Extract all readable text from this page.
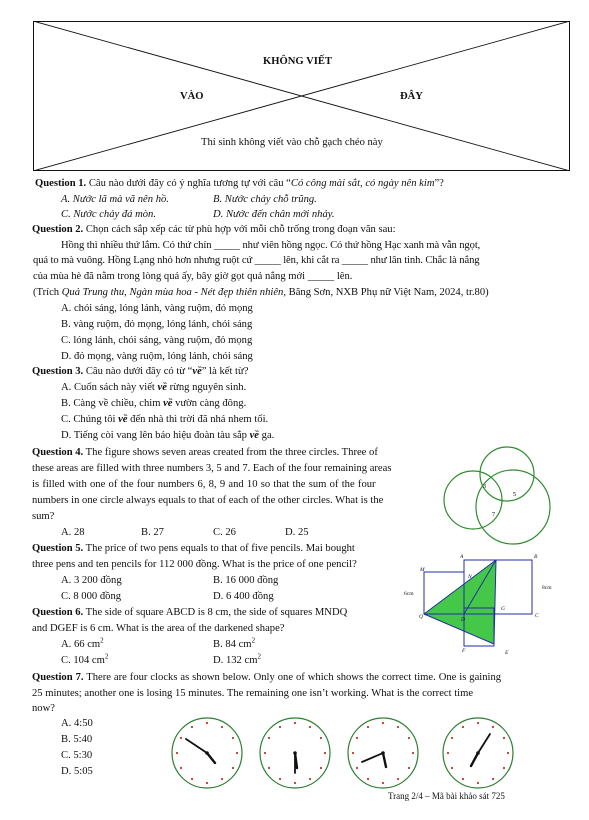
KHÔNG VIẾT
VÀO	ĐÂY
Thí sinh không viết vào chỗ gạch chéo này
Question 1. Câu nào dưới đây có ý nghĩa tương tự với câu “Có công mài sắt, có ngày nên kim”?
A. Nước lã mà vã nên hồ.	B. Nước chảy chỗ trũng.
C. Nước chảy đá mòn.	D. Nước đến chân mới nhảy.
Question 2. Chọn cách sắp xếp các từ phù hợp với mỗi chỗ trống trong đoạn văn sau:
Hồng thì nhiều thứ lắm. Có thứ chín _____ như viên hồng ngọc. Có thứ hồng Hạc xanh mà vẫn ngọt,
quả to mà vuông. Hồng Lạng nhỏ hơn nhưng ruột cứ _____ lên, khi cắt ra _____ như lân tinh. Chắc là nắng
của mùa hè đã nằm trong lòng quả ấy, bây giờ gọt quả nắng mới _____ lên.
(Trích Quả Trung thu, Ngàn mùa hoa - Nét đẹp thiên nhiên, Băng Sơn, NXB Phụ nữ Việt Nam, 2024, tr.80)
A. chói sáng, lóng lánh, vàng ruộm, đỏ mọng
B. vàng ruộm, đỏ mọng, lóng lánh, chói sáng
C. lóng lánh, chói sáng, vàng ruộm, đỏ mọng
D. đỏ mọng, vàng ruộm, lóng lánh, chói sáng
Question 3. Câu nào dưới đây có từ “về” là kết từ?
A. Cuốn sách này viết về rừng nguyên sinh.
B. Càng về chiều, chim về vườn càng đông.
C. Chúng tôi về đến nhà thì trời đã nhá nhem tối.
D. Tiếng còi vang lên báo hiệu đoàn tàu sắp về ga.
Question 4. The figure shows seven areas created from the three circles. Three of
these areas are filled with three numbers 3, 5 and 7. Each of the four remaining areas
is filled with one of the four numbers 6, 8, 9 and 10 so that the sum of the four
numbers in one circle always equals to that of each of the other circles. What is the
sum?
A. 28	B. 27	C. 26	D. 25
3
5
7
Question 5. The price of two pens equals to that of five pencils. Mai bought
three pens and ten pencils for 112 000 đồng. What is the price of one pencil?
A. 3 200 đồng	B. 16 000 đồng
C. 8 000 đồng	D. 6 400 đồng
A	B
C
D
E
F
G
M
N
Q
6cm
8cm
Question 6. The side of square ABCD is 8 cm, the side of squares MNDQ
and DGEF is 6 cm. What is the area of the darkened shape?
A. 66 $cm^2$	B. 84 $cm^2$
C. 104 $cm^2$	D. 132 $cm^2$
Question 7. There are four clocks as shown below. Only one of which shows the correct time. One is gaining
25 minutes; another one is losing 15 minutes. The remaining one isn’t working. What is the correct time
now?
A. 4:50
B. 5:40
C. 5:30
D. 5:05
Trang 2/4 – Mã bài khảo sát 725
